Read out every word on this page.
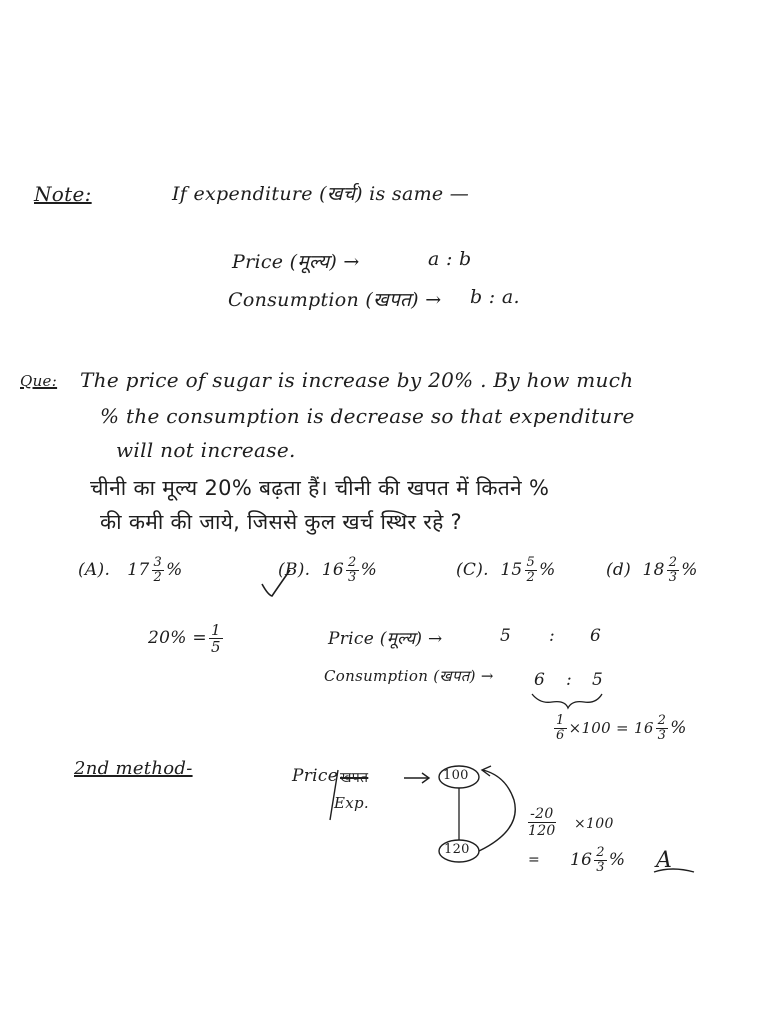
Note:	If expenditure (खर्च) is same —
Price (मूल्य) →	a : b
Consumption (खपत) → b : a.
Que: The price of sugar is increase by 20% . By how much
% the consumption is decrease so that expenditure
will not increase.
चीनी का मूल्य 20% बढ़ता हैं। चीनी की खपत में कितने %
की कमी की जाये, जिससे कुल खर्च स्थिर रहे ?
(A). $17 \frac{3}{2}$ %	(B). $16 \frac{2}{3}$ %	(C). $15 \frac{5}{2}$ %	(d) $18 \frac{2}{3}$ %
$20\% = \frac{1}{5}$	Price (मूल्य) →	5 : 6
Consumption (खपत) → 6 : 5
$\frac{1}{6} \times 100 = 16 \frac{2}{3}$ %
2nd method-	Price खपत
Exp.
100
120
$\frac{-20}{120} \times 100$
= $16 \frac{2}{3}$ % A
